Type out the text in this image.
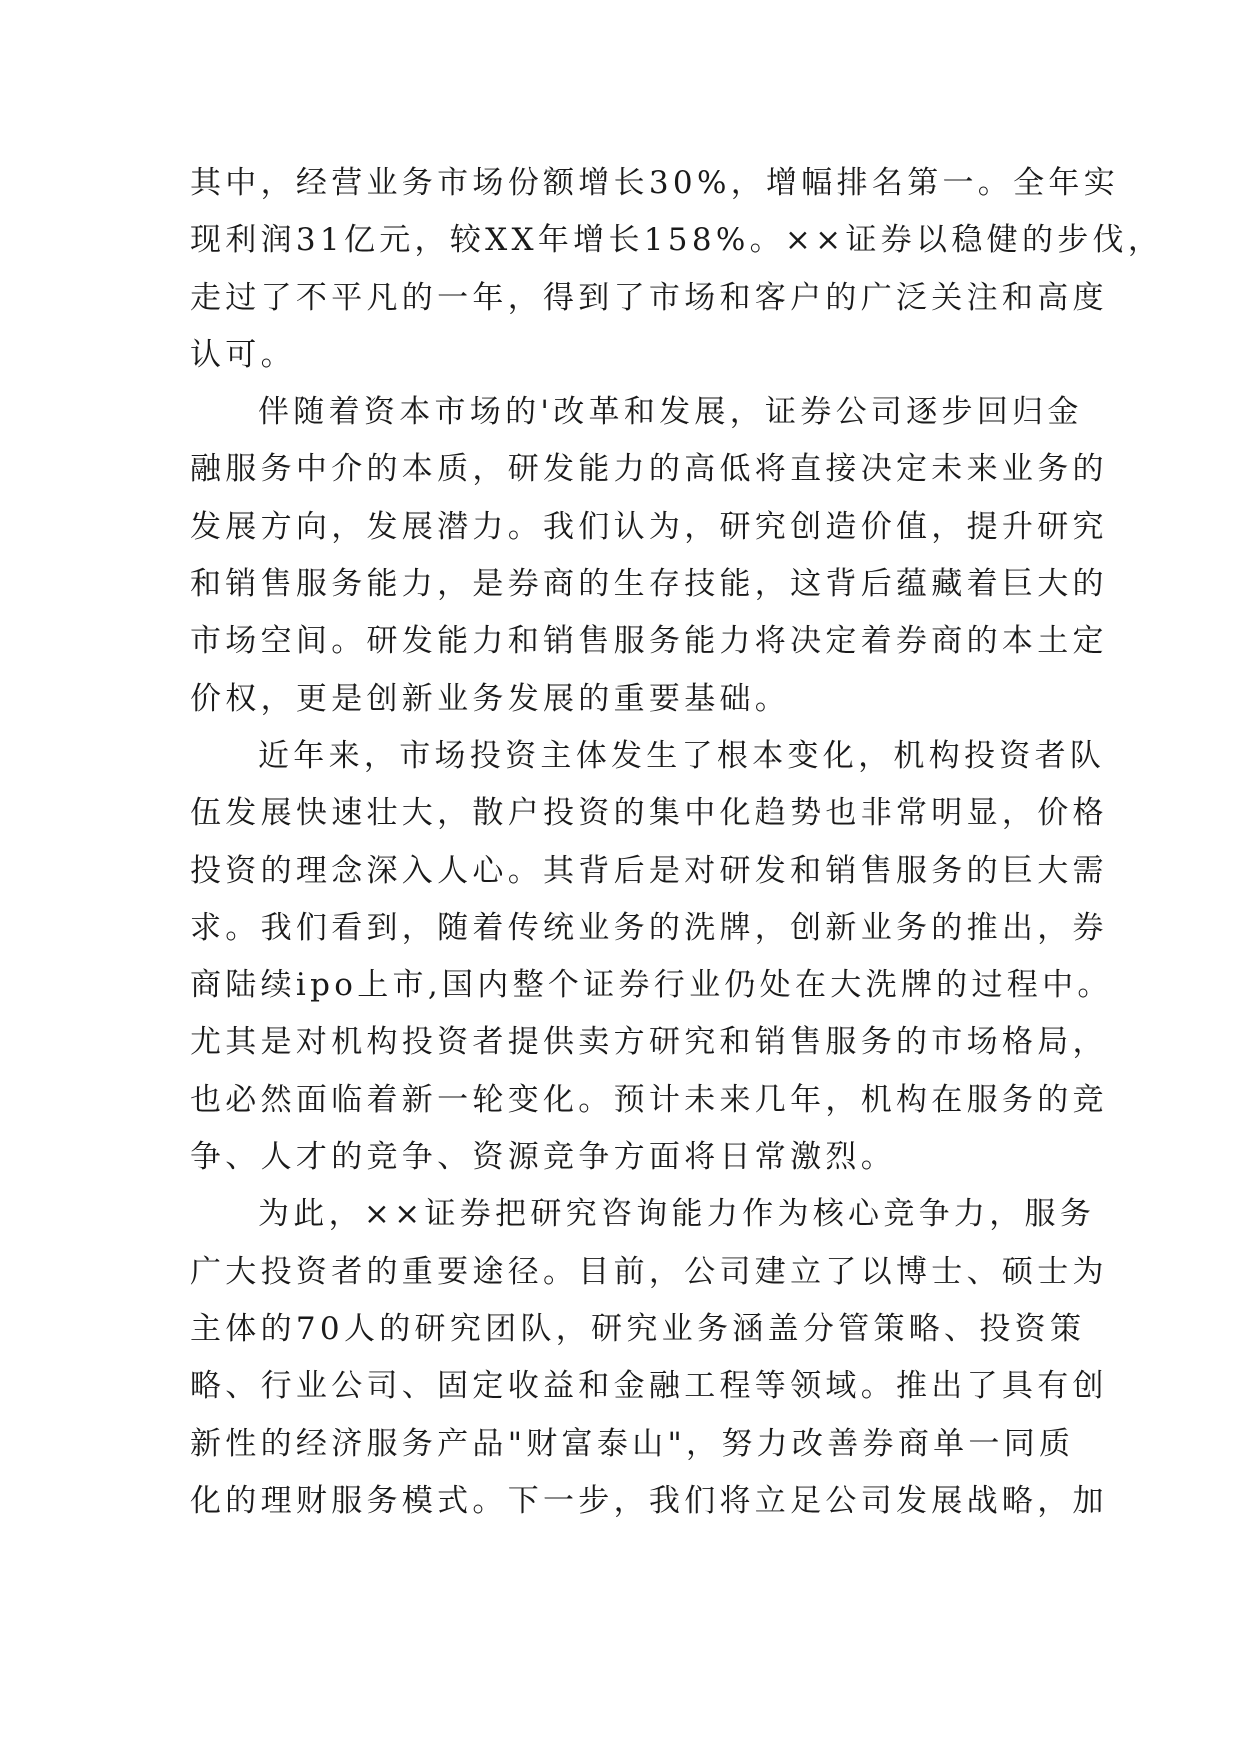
其中，经营业务市场份额增长30%，增幅排名第一。全年实
现利润31亿元，较XX年增长158%。××证券以稳健的步伐，
走过了不平凡的一年，得到了市场和客户的广泛关注和高度
认可。
伴随着资本市场的'改革和发展，证券公司逐步回归金
融服务中介的本质，研发能力的高低将直接决定未来业务的
发展方向，发展潜力。我们认为，研究创造价值，提升研究
和销售服务能力，是券商的生存技能，这背后蕴藏着巨大的
市场空间。研发能力和销售服务能力将决定着券商的本土定
价权，更是创新业务发展的重要基础。
近年来，市场投资主体发生了根本变化，机构投资者队
伍发展快速壮大，散户投资的集中化趋势也非常明显，价格
投资的理念深入人心。其背后是对研发和销售服务的巨大需
求。我们看到，随着传统业务的洗牌，创新业务的推出，券
商陆续ipo上市,国内整个证券行业仍处在大洗牌的过程中。
尤其是对机构投资者提供卖方研究和销售服务的市场格局，
也必然面临着新一轮变化。预计未来几年，机构在服务的竞
争、人才的竞争、资源竞争方面将日常激烈。
为此，××证券把研究咨询能力作为核心竞争力，服务
广大投资者的重要途径。目前，公司建立了以博士、硕士为
主体的70人的研究团队，研究业务涵盖分管策略、投资策
略、行业公司、固定收益和金融工程等领域。推出了具有创
新性的经济服务产品"财富泰山"，努力改善券商单一同质
化的理财服务模式。下一步，我们将立足公司发展战略，加
